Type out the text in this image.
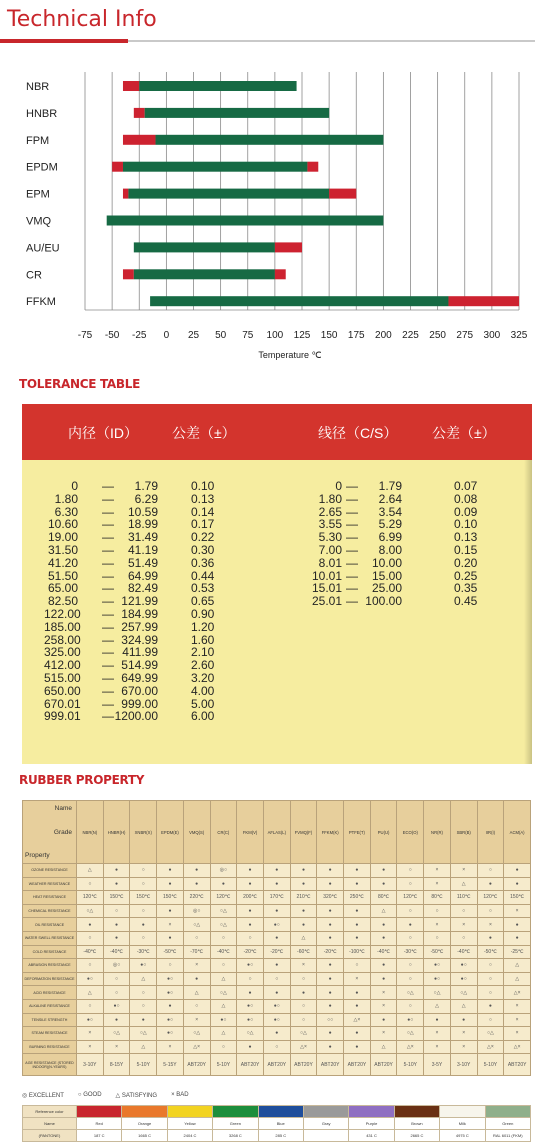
Technical Info
-75 -50 -25 0 25 50 75 100 125 150 175 200 225 250 275 300 325
Temperature ℃
NBR
HNBR
FPM
EPDM
EPM
VMQ
AU/EU
CR
FFKM
TOLERANCE TABLE
内径（ID） 公差（±）	线径（C/S） 公差（±）
0 —	1.79	0.10
1.80 —	6.29	0.13
6.30 —	10.59	0.14
10.60 —	18.99	0.17
19.00 —	31.49	0.22
31.50 —	41.19	0.30
41.20 —	51.49	0.36
51.50 —	64.99	0.44
65.00 —	82.49	0.53
82.50 — 121.99	0.65
122.00 — 184.99	0.90
185.00 — 257.99	1.20
258.00 — 324.99	1.60
325.00 — 411.99	2.10
412.00 — 514.99	2.60
515.00 — 649.99	3.20
650.00 — 670.00	4.00
670.01 — 999.00	5.00
999.01 — 1200.00	6.00
0 —	1.79	0.07
1.80 —	2.64	0.08
2.65 —	3.54	0.09
3.55 —	5.29	0.10
5.30 —	6.99	0.13
7.00 —	8.00	0.15
8.01 —	10.00	0.20
10.01 —	15.00	0.25
15.01 —	25.00	0.35
25.01 — 100.00	0.45
RUBBER PROPERTY
Name
Grade
Property	NBR(N)	HNBR(H)	XNBR(X)	EPDM(E)	VMQ(S)	CR(C)	FKM(V)	AFLAS(L)	FVMQ(F)	FFKM(K)	PTFE(T)	PU(U)	ECO(O)	NR(R)	SBR(B)	IIR(I)	ACM(A)
OZONE RESISTANCE	△	●	○	●	●	◎○	●	●	●	●	●	●	○	×	×	○	●
WEATHER RESISTANCE	○	●	○	●	●	●	●	●	●	●	●	●	○	×	△	●	●
HEAT RESISTANCE	120℃	150℃	150℃	150℃	220℃	120℃	200℃	170℃	210℃	320℃	250℃	80℃	120℃	80℃	110℃	120℃	150℃
CHEMICAL RESISTANCE	○△	○	○	●	◎○	○△	●	●	●	●	●	△	○	○	○	○	×
OIL RESISTANCE	●	●	●	×	○△	○△	●	●○	●	●	●	●	●	×	×	×	●
WATER SWELL RESISTANCE	○	●	○	●	○	○	○	●	△	●	●	●	○	○	○	●	●
COLD RESISTANCE	-40℃	-40℃	-30℃	-50℃	-70℃	-40℃	-20℃	-20℃	-60℃	-20℃	-100℃	-40℃	-30℃	-50℃	-40℃	-50℃	-25℃
ABRASION RESISTANCE	○	◎○	●○	○	×	○	●○	●	×	●	○	●	○	●○	●○	○	△
DEFORMATION RESISTANCE	●○	○	△	●○	●	△	○	○	○	●	×	●	○	●○	●○	○	△
ACID RESISTANCE	△	○	○	●○	△	○△	●	●	●	●	●	×	○△	○△	○△	○	△×
ALKALINE RESISTANCE	○	●○	○	●	○	△	●○	●○	○	●	●	×	○	△	△	●	×
TENSILE STRENGTH	●○	●	●	●○	×	●○	●○	●○	○	○○	△×	●	●○	●	●	○	×
STEAM RESISTANCE	×	○△	○△	●○	○△	△	○△	●	○△	●	●	×	○△	×	×	○△	×
BURNING RESISTANCE	×	×	△	×	△×	○	●	○	△×	●	●	△	△×	×	×	△×	△×
AGE RESISTANCE (STORED INDOOR)(N-YEARS)	3-10Y	8-15Y	5-10Y	5-15Y	ABT20Y	5-10Y	ABT20Y	ABT20Y	ABT20Y	ABT20Y	ABT20Y	ABT20Y	5-10Y	3-5Y	3-10Y	5-10Y	ABT20Y
◎ EXCELLENT ○ GOOD △ SATISFYING × BAD
Reference color										
Name	Red	Orange	Yellow	Green	Blue	Gray	Purple	Brown	Milk	Green
(PANTONE)	187 C	1665 C	2404 C	3268 C	285 C		431 C	2665 C	4975 C	RAL 6011 (FKM)
